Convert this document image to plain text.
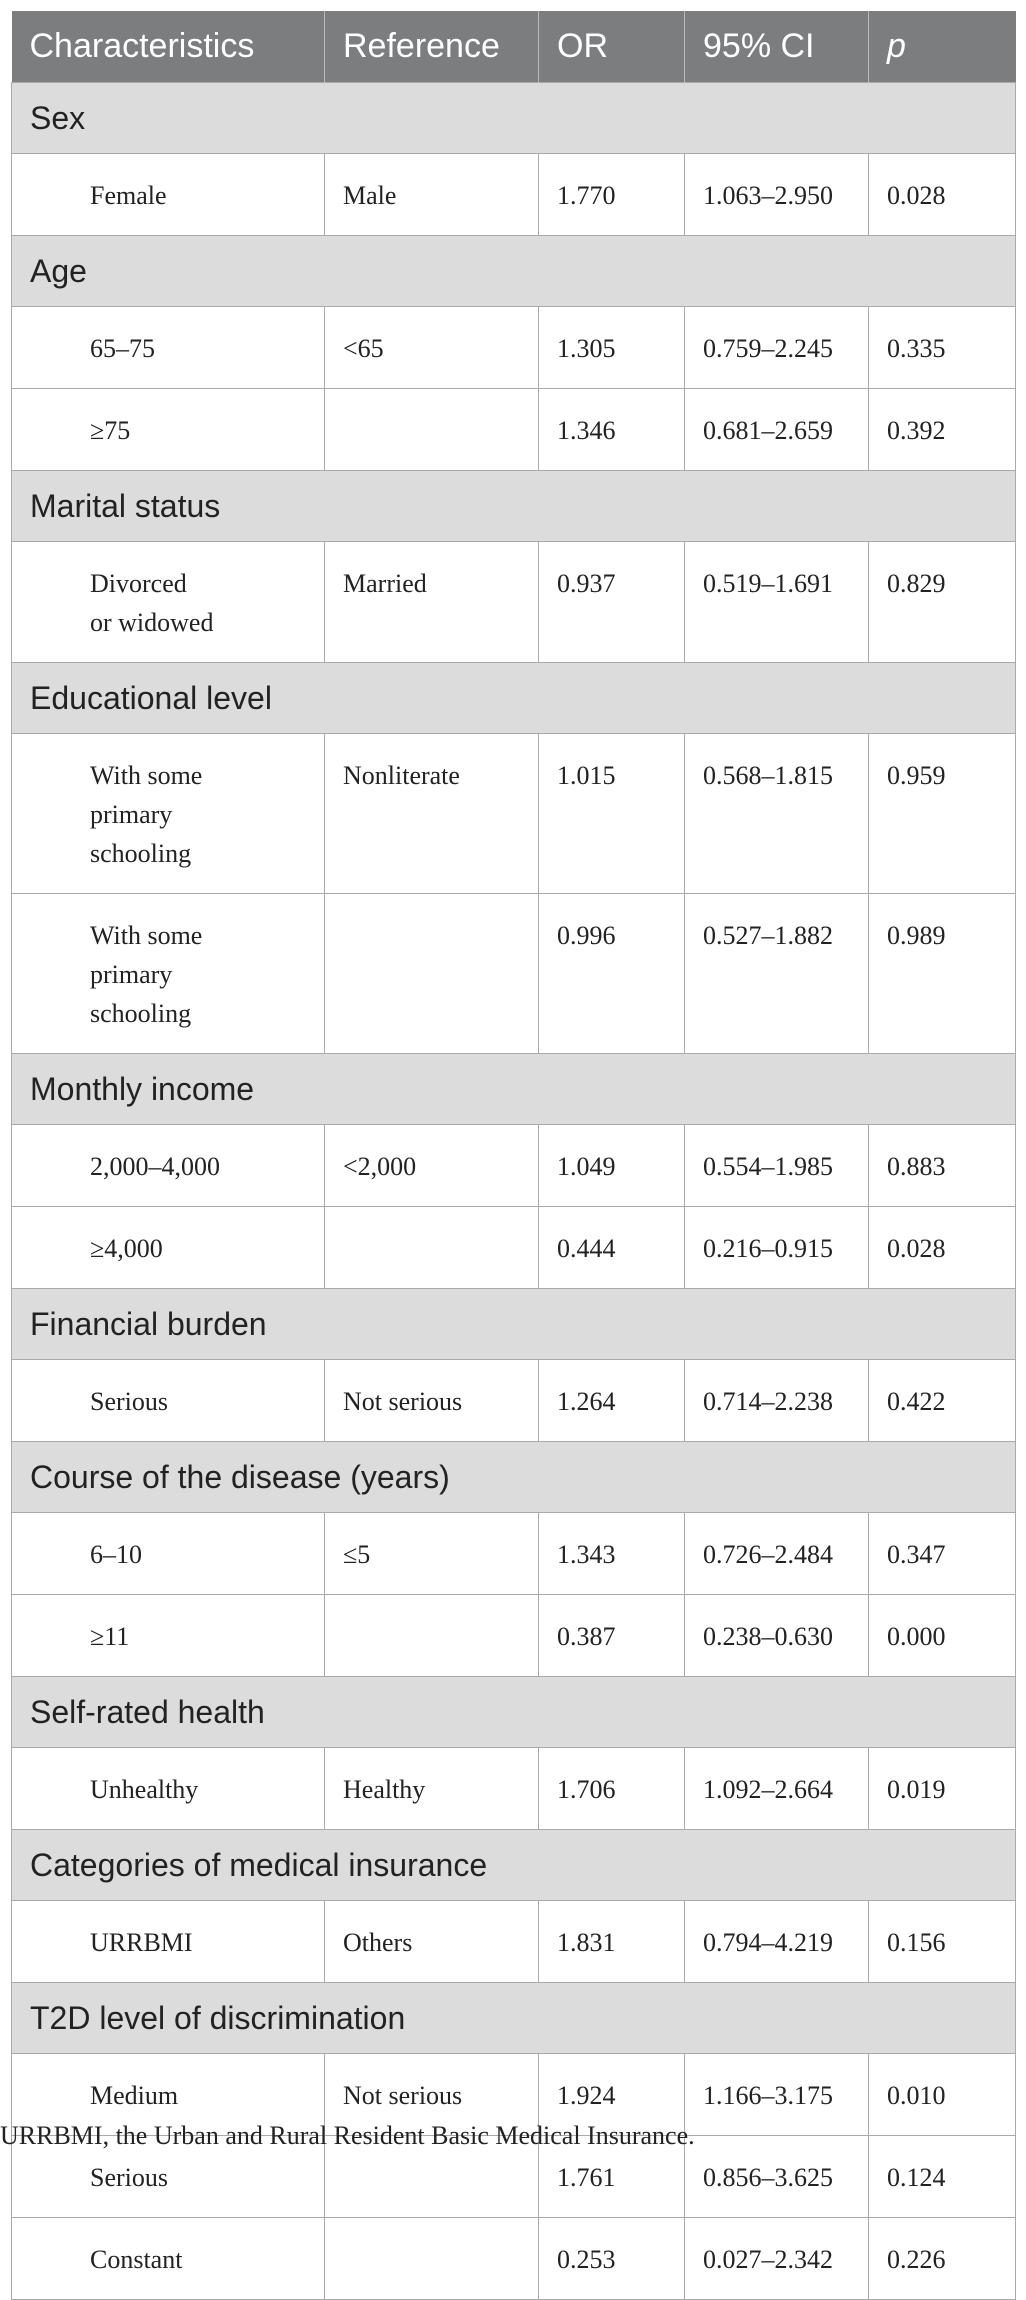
Characteristics	Reference	OR	95% CI	p
Sex				
Female	Male	1.770	1.063–2.950	0.028
Age				
65–75	<65	1.305	0.759–2.245	0.335
≥75		1.346	0.681–2.659	0.392
Marital status				
Divorced
or widowed	Married	0.937	0.519–1.691	0.829
Educational level				
With some
primary
schooling	Nonliterate	1.015	0.568–1.815	0.959
With some
primary
schooling		0.996	0.527–1.882	0.989
Monthly income				
2,000–4,000	<2,000	1.049	0.554–1.985	0.883
≥4,000		0.444	0.216–0.915	0.028
Financial burden				
Serious	Not serious	1.264	0.714–2.238	0.422
Course of the disease (years)				
6–10	≤5	1.343	0.726–2.484	0.347
≥11		0.387	0.238–0.630	0.000
Self-rated health				
Unhealthy	Healthy	1.706	1.092–2.664	0.019
Categories of medical insurance				
URRBMI	Others	1.831	0.794–4.219	0.156
T2D level of discrimination				
Medium	Not serious	1.924	1.166–3.175	0.010
Serious		1.761	0.856–3.625	0.124
Constant		0.253	0.027–2.342	0.226
URRBMI, the Urban and Rural Resident Basic Medical Insurance.
